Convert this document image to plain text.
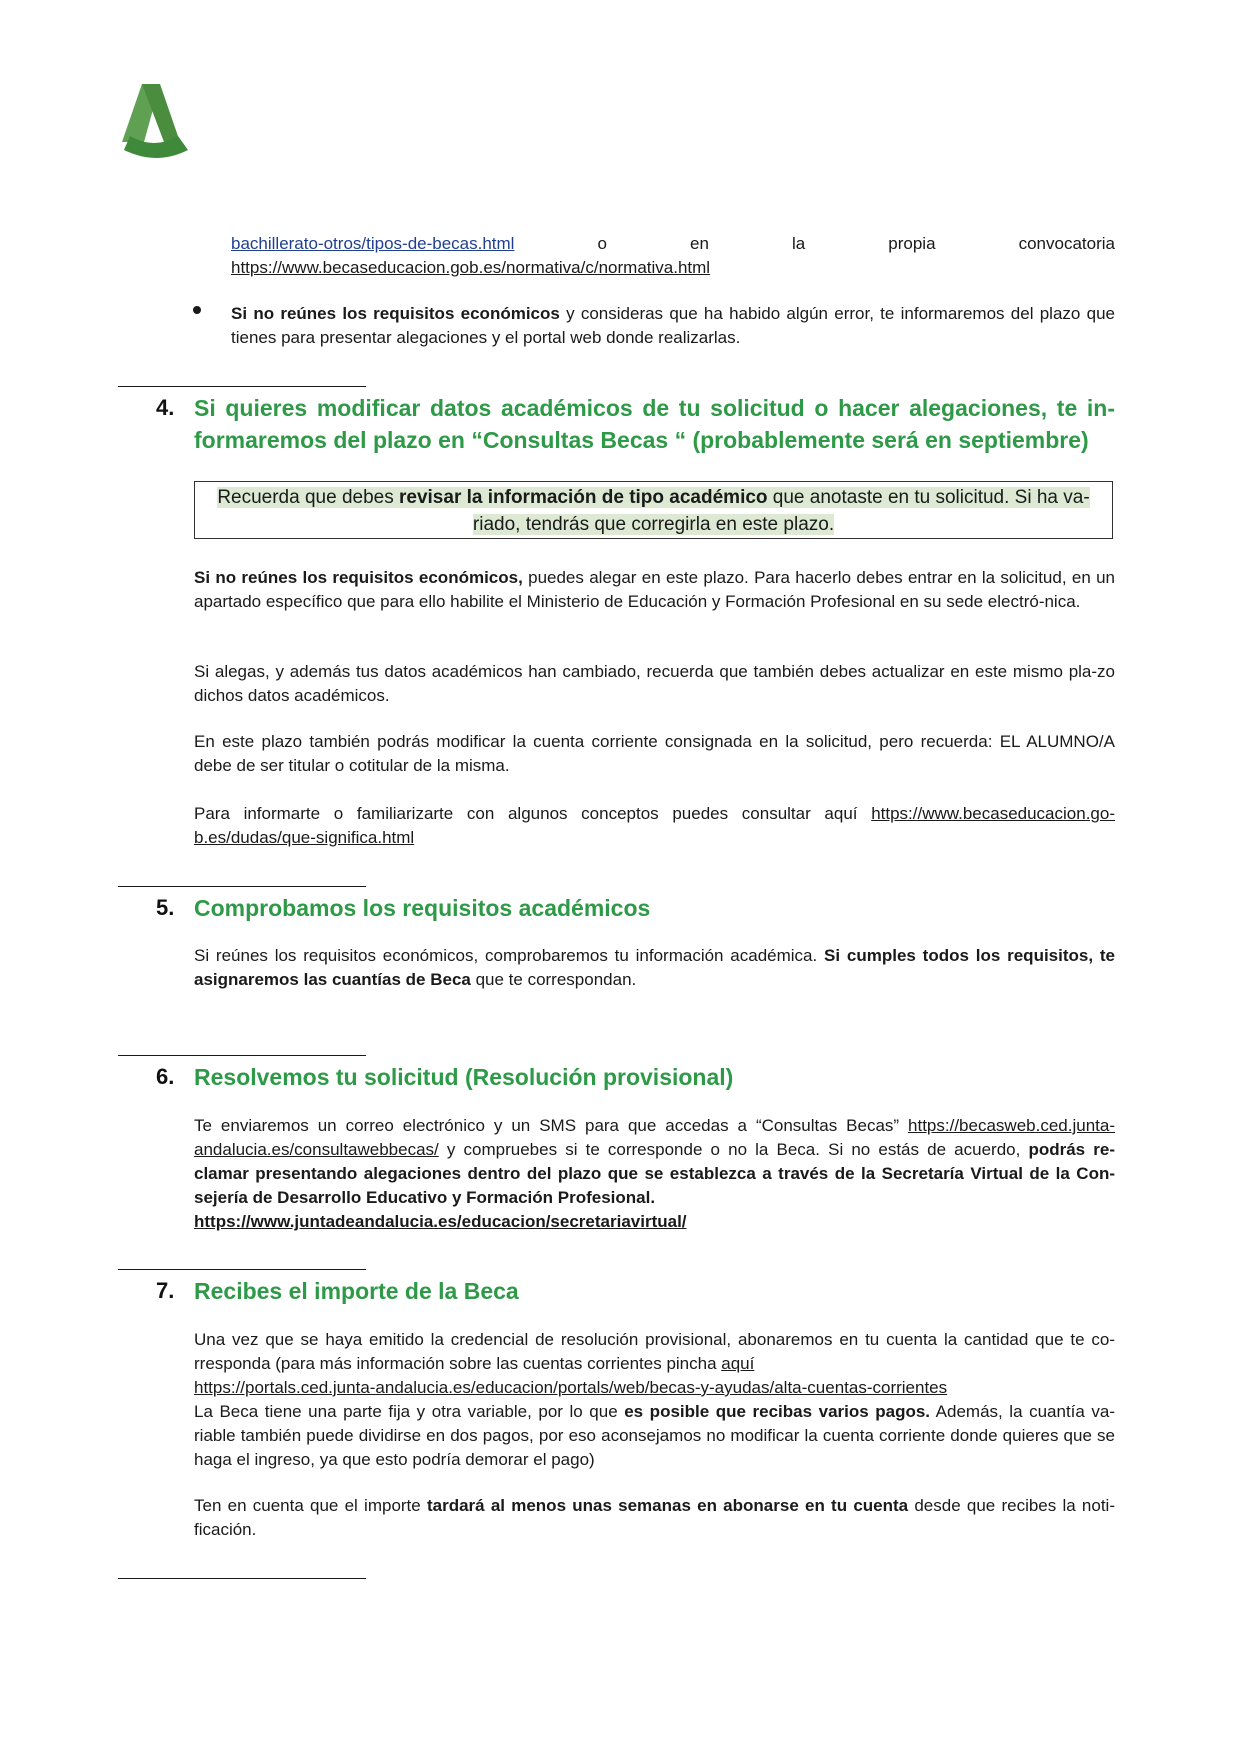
bachillerato-otros/tipos-de-becas.html	o	en	la	propia	convocatoria
https://www.becaseducacion.gob.es/normativa/c/normativa.html
Si no reúnes los requisitos económicos y consideras que ha habido algún error, te informaremos del plazo que tienes para presentar alegaciones y el portal web donde realizarlas.
4. Si quieres modificar datos académicos de tu solicitud o hacer alegaciones, te in-formaremos del plazo en “Consultas Becas “ (probablemente será en septiembre)
Recuerda que debes revisar la información de tipo académico que anotaste en tu solicitud. Si ha va-
riado, tendrás que corregirla en este plazo.
Si no reúnes los requisitos económicos, puedes alegar en este plazo. Para hacerlo debes entrar en la solicitud, en un apartado específico que para ello habilite el Ministerio de Educación y Formación Profesional en su sede electró-nica.
Si alegas, y además tus datos académicos han cambiado, recuerda que también debes actualizar en este mismo pla-zo dichos datos académicos.
En este plazo también podrás modificar la cuenta corriente consignada en la solicitud, pero recuerda: EL ALUMNO/A debe de ser titular o cotitular de la misma.
Para informarte o familiarizarte con algunos conceptos puedes consultar aquí https://www.becaseducacion.go-b.es/dudas/que-significa.html
5. Comprobamos los requisitos académicos
Si reúnes los requisitos económicos, comprobaremos tu información académica. Si cumples todos los requisitos, te asignaremos las cuantías de Beca que te correspondan.
6. Resolvemos tu solicitud (Resolución provisional)
Te enviaremos un correo electrónico y un SMS para que accedas a “Consultas Becas” https://becasweb.ced.junta-andalucia.es/consultawebbecas/ y compruebes si te corresponde o no la Beca. Si no estás de acuerdo, podrás re-clamar presentando alegaciones dentro del plazo que se establezca a través de la Secretaría Virtual de la Con-sejería de Desarrollo Educativo y Formación Profesional.
https://www.juntadeandalucia.es/educacion/secretariavirtual/
7. Recibes el importe de la Beca
Una vez que se haya emitido la credencial de resolución provisional, abonaremos en tu cuenta la cantidad que te co-rresponda (para más información sobre las cuentas corrientes pincha aquí
https://portals.ced.junta-andalucia.es/educacion/portals/web/becas-y-ayudas/alta-cuentas-corrientes
La Beca tiene una parte fija y otra variable, por lo que es posible que recibas varios pagos. Además, la cuantía va-riable también puede dividirse en dos pagos, por eso aconsejamos no modificar la cuenta corriente donde quieres que se haga el ingreso, ya que esto podría demorar el pago)
Ten en cuenta que el importe tardará al menos unas semanas en abonarse en tu cuenta desde que recibes la noti-ficación.
